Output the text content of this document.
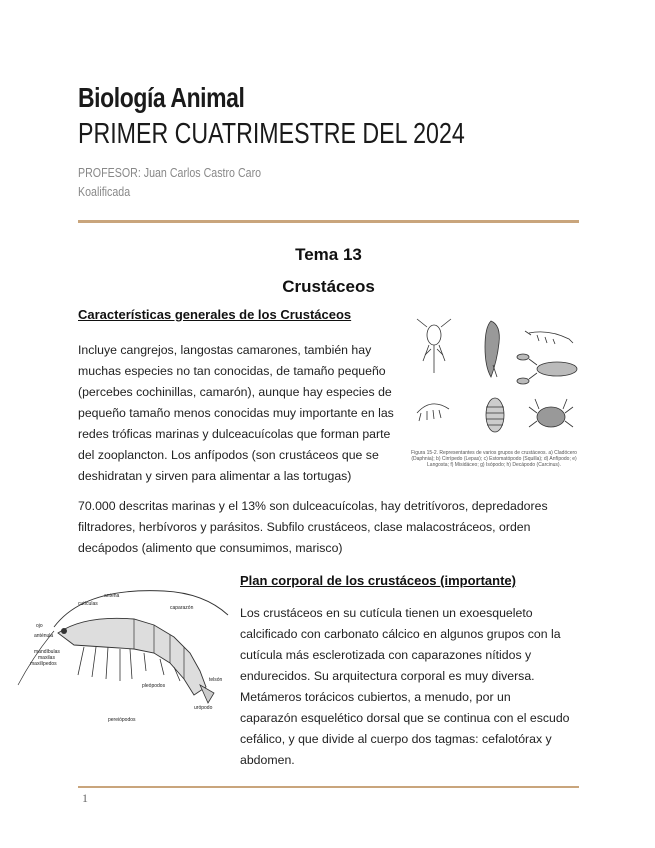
Biología Animal
PRIMER CUATRIMESTRE DEL 2024
PROFESOR: Juan Carlos Castro Caro
Koalificada
Tema 13
Crustáceos
Características generales de los Crustáceos
Incluye cangrejos, langostas camarones, también hay muchas especies no tan conocidas, de tamaño pequeño (percebes cochinillas, camarón), aunque hay especies de pequeño tamaño menos conocidas muy importante en las redes tróficas marinas y dulceacuícolas que forman parte del zooplancton. Los anfípodos (son crustáceos que se deshidratan y sirven para alimentar a las tortugas)
Figura 15-2. Representantes de varios grupos de crustáceos. a) Cladócero (Daphnia); b) Cirrípedo (Lepas); c) Estomatópodo (Squilla); d) Anfípodo; e) Langosta; f) Misidáceo; g) Isópodo; h) Decápodo (Carcinus).
70.000 descritas marinas y el 13% son dulceacuícolas, hay detritívoros, depredadores filtradores, herbívoros y parásitos. Subfilo crustáceos, clase malacostráceos, orden decápodos (alimento que consumimos, marisco)
antena
cutículas
caparazón
ojo
anténula
mandíbulas
maxilas
maxilípedos
telsón
pleópodos
pereiópodos
urópodo
Plan corporal de los crustáceos (importante)
Los crustáceos en su cutícula tienen un exoesqueleto calcificado con carbonato cálcico en algunos grupos con la cutícula más esclerotizada con caparazones nítidos y endurecidos. Su arquitectura corporal es muy diversa. Metámeros torácicos cubiertos, a menudo, por un caparazón esquelético dorsal que se continua con el escudo cefálico, y que divide al cuerpo dos tagmas: cefalotórax y abdomen.
1
